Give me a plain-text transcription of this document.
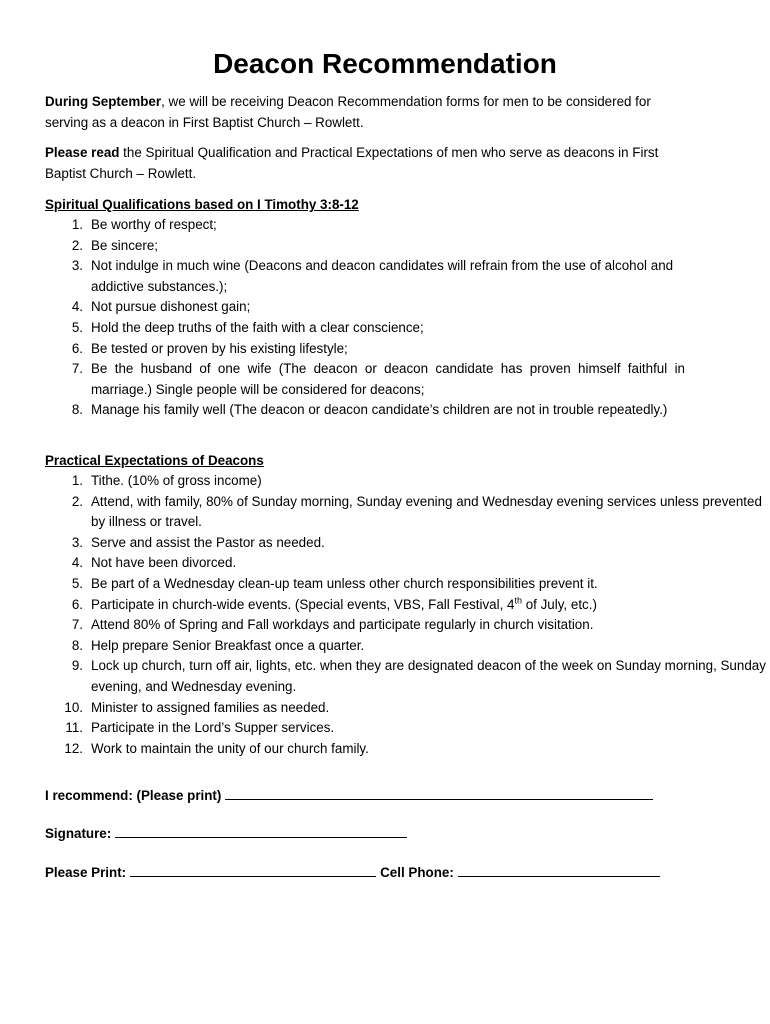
Deacon Recommendation
During September, we will be receiving Deacon Recommendation forms for men to be considered for serving as a deacon in First Baptist Church – Rowlett.
Please read the Spiritual Qualification and Practical Expectations of men who serve as deacons in First Baptist Church – Rowlett.
Spiritual Qualifications based on I Timothy 3:8-12
1. Be worthy of respect;
2. Be sincere;
3. Not indulge in much wine (Deacons and deacon candidates will refrain from the use of alcohol and addictive substances.);
4. Not pursue dishonest gain;
5. Hold the deep truths of the faith with a clear conscience;
6. Be tested or proven by his existing lifestyle;
7. Be the husband of one wife (The deacon or deacon candidate has proven himself faithful in marriage.) Single people will be considered for deacons;
8. Manage his family well (The deacon or deacon candidate’s children are not in trouble repeatedly.)
Practical Expectations of Deacons
1. Tithe. (10% of gross income)
2. Attend, with family, 80% of Sunday morning, Sunday evening and Wednesday evening services unless prevented by illness or travel.
3. Serve and assist the Pastor as needed.
4. Not have been divorced.
5. Be part of a Wednesday clean-up team unless other church responsibilities prevent it.
6. Participate in church-wide events. (Special events, VBS, Fall Festival, 4th of July, etc.)
7. Attend 80% of Spring and Fall workdays and participate regularly in church visitation.
8. Help prepare Senior Breakfast once a quarter.
9. Lock up church, turn off air, lights, etc. when they are designated deacon of the week on Sunday morning, Sunday evening, and Wednesday evening.
10. Minister to assigned families as needed.
11. Participate in the Lord’s Supper services.
12. Work to maintain the unity of our church family.
I recommend: (Please print)
Signature:
Please Print:	Cell Phone:
